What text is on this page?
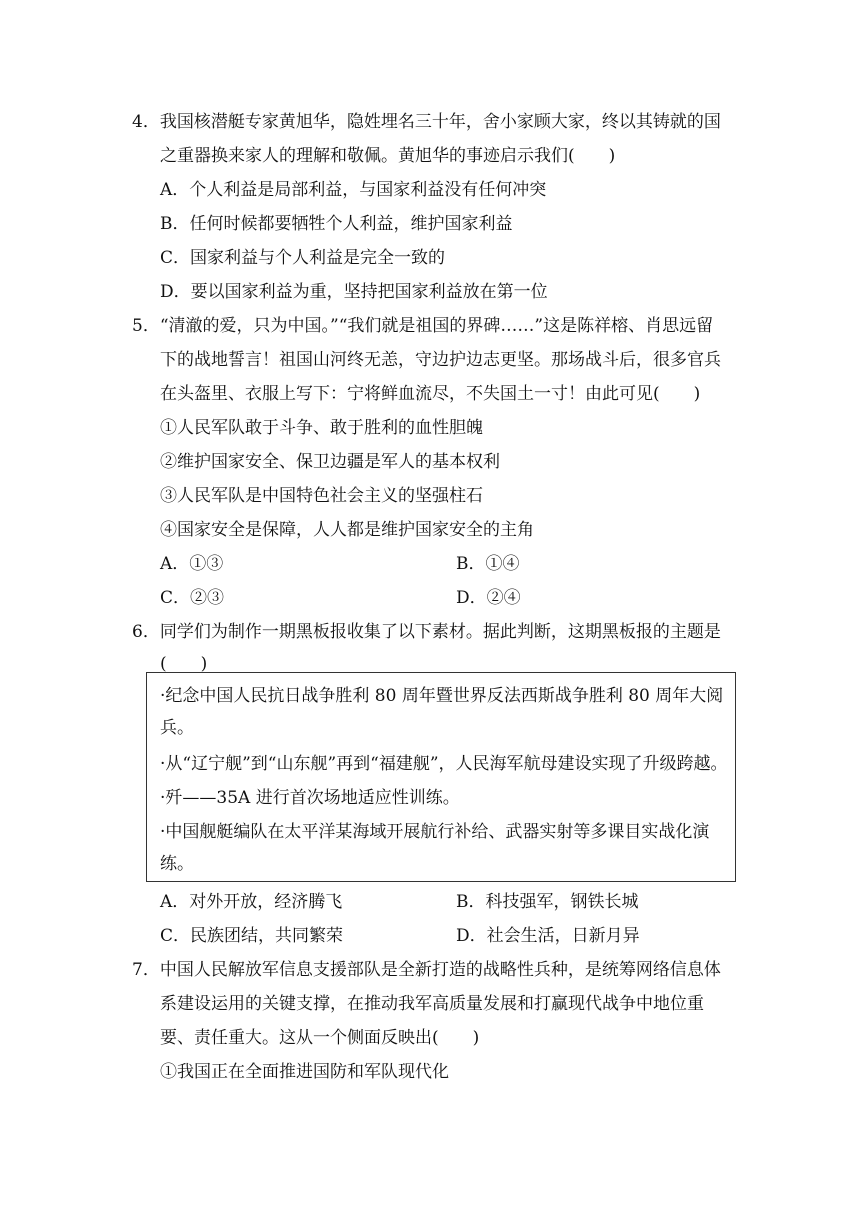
4．我国核潜艇专家黄旭华，隐姓埋名三十年，舍小家顾大家，终以其铸就的国
之重器换来家人的理解和敬佩。黄旭华的事迹启示我们(　　)
A．个人利益是局部利益，与国家利益没有任何冲突
B．任何时候都要牺牲个人利益，维护国家利益
C．国家利益与个人利益是完全一致的
D．要以国家利益为重，坚持把国家利益放在第一位
5．“清澈的爱，只为中国。”“我们就是祖国的界碑……”这是陈祥榕、肖思远留
下的战地誓言！祖国山河终无恙，守边护边志更坚。那场战斗后，很多官兵
在头盔里、衣服上写下：宁将鲜血流尽，不失国土一寸！由此可见(　　)
①人民军队敢于斗争、敢于胜利的血性胆魄
②维护国家安全、保卫边疆是军人的基本权利
③人民军队是中国特色社会主义的坚强柱石
④国家安全是保障，人人都是维护国家安全的主角
A．①③	B．①④
C．②③	D．②④
6．同学们为制作一期黑板报收集了以下素材。据此判断，这期黑板报的主题是
(　　)
·纪念中国人民抗日战争胜利 80 周年暨世界反法西斯战争胜利 80 周年大阅
兵。
·从“辽宁舰”到“山东舰”再到“福建舰”，人民海军航母建设实现了升级跨越。
·歼——35A 进行首次场地适应性训练。
·中国舰艇编队在太平洋某海域开展航行补给、武器实射等多课目实战化演
练。
A．对外开放，经济腾飞	B．科技强军，钢铁长城
C．民族团结，共同繁荣	D．社会生活，日新月异
7．中国人民解放军信息支援部队是全新打造的战略性兵种，是统筹网络信息体
系建设运用的关键支撑，在推动我军高质量发展和打赢现代战争中地位重
要、责任重大。这从一个侧面反映出(　　)
①我国正在全面推进国防和军队现代化
